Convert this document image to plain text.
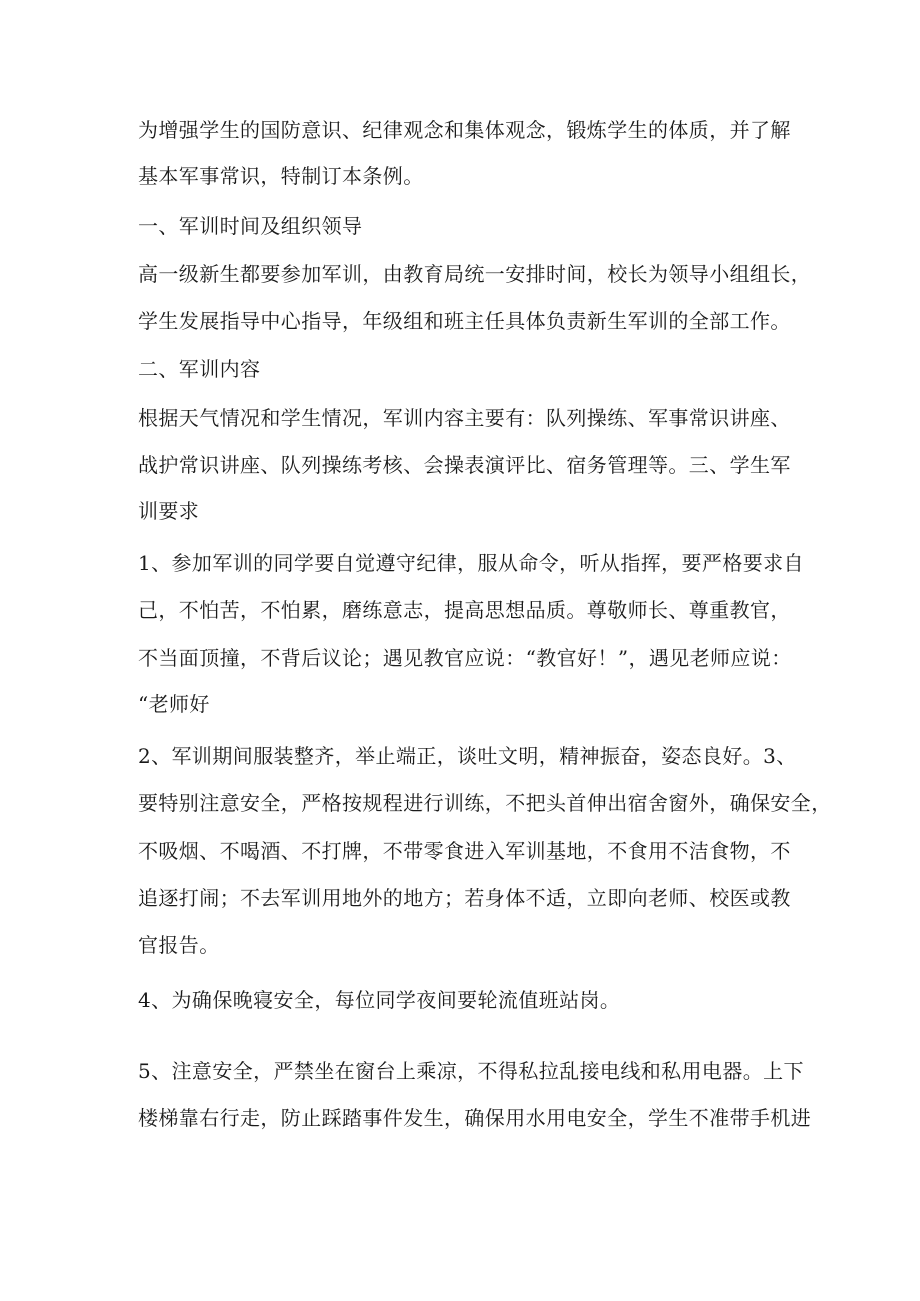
为增强学生的国防意识、纪律观念和集体观念，锻炼学生的体质，并了解
基本军事常识，特制订本条例。
一、军训时间及组织领导
高一级新生都要参加军训，由教育局统一安排时间，校长为领导小组组长，
学生发展指导中心指导，年级组和班主任具体负责新生军训的全部工作。
二、军训内容
根据天气情况和学生情况，军训内容主要有：队列操练、军事常识讲座、
战护常识讲座、队列操练考核、会操表演评比、宿务管理等。三、学生军
训要求
1、参加军训的同学要自觉遵守纪律，服从命令，听从指挥，要严格要求自
己，不怕苦，不怕累，磨练意志，提高思想品质。尊敬师长、尊重教官，
不当面顶撞，不背后议论；遇见教官应说：“教官好！”，遇见老师应说：
“老师好
2、军训期间服装整齐，举止端正，谈吐文明，精神振奋，姿态良好。3、
要特别注意安全，严格按规程进行训练，不把头首伸出宿舍窗外，确保安全，
不吸烟、不喝酒、不打牌，不带零食进入军训基地，不食用不洁食物，不
追逐打闹；不去军训用地外的地方；若身体不适，立即向老师、校医或教
官报告。
4、为确保晚寝安全，每位同学夜间要轮流值班站岗。
5、注意安全，严禁坐在窗台上乘凉，不得私拉乱接电线和私用电器。上下
楼梯靠右行走，防止踩踏事件发生，确保用水用电安全，学生不准带手机进
